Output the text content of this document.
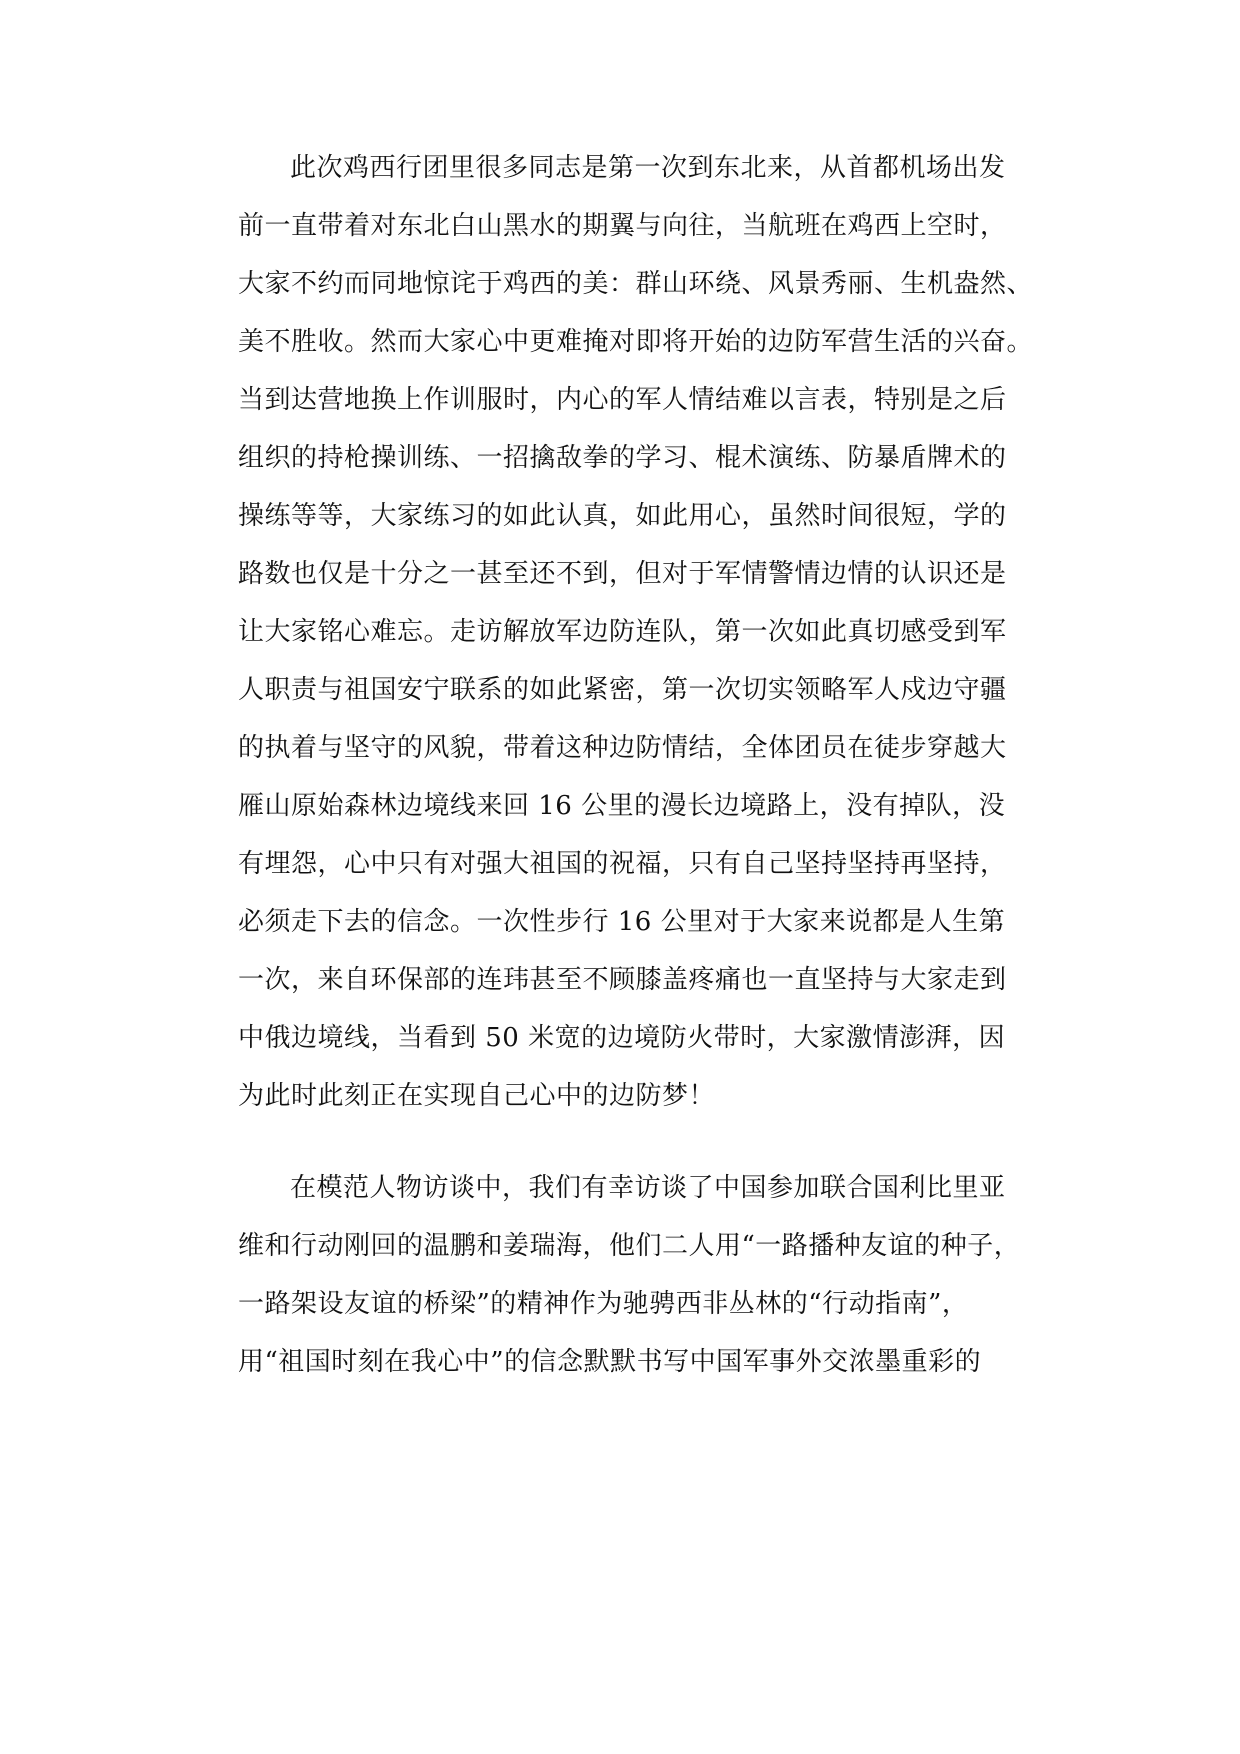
此次鸡西行团里很多同志是第一次到东北来，从首都机场出发
前一直带着对东北白山黑水的期翼与向往，当航班在鸡西上空时，
大家不约而同地惊诧于鸡西的美：群山环绕、风景秀丽、生机盎然、
美不胜收。然而大家心中更难掩对即将开始的边防军营生活的兴奋。
当到达营地换上作训服时，内心的军人情结难以言表，特别是之后
组织的持枪操训练、一招擒敌拳的学习、棍术演练、防暴盾牌术的
操练等等，大家练习的如此认真，如此用心，虽然时间很短，学的
路数也仅是十分之一甚至还不到，但对于军情警情边情的认识还是
让大家铭心难忘。走访解放军边防连队，第一次如此真切感受到军
人职责与祖国安宁联系的如此紧密，第一次切实领略军人戍边守疆
的执着与坚守的风貌，带着这种边防情结，全体团员在徒步穿越大
雁山原始森林边境线来回 16 公里的漫长边境路上，没有掉队，没
有埋怨，心中只有对强大祖国的祝福，只有自己坚持坚持再坚持，
必须走下去的信念。一次性步行 16 公里对于大家来说都是人生第
一次，来自环保部的连玮甚至不顾膝盖疼痛也一直坚持与大家走到
中俄边境线，当看到 50 米宽的边境防火带时，大家激情澎湃，因
为此时此刻正在实现自己心中的边防梦！
在模范人物访谈中，我们有幸访谈了中国参加联合国利比里亚
维和行动刚回的温鹏和姜瑞海，他们二人用“一路播种友谊的种子，
一路架设友谊的桥梁”的精神作为驰骋西非丛林的“行动指南”，
用“祖国时刻在我心中”的信念默默书写中国军事外交浓墨重彩的
